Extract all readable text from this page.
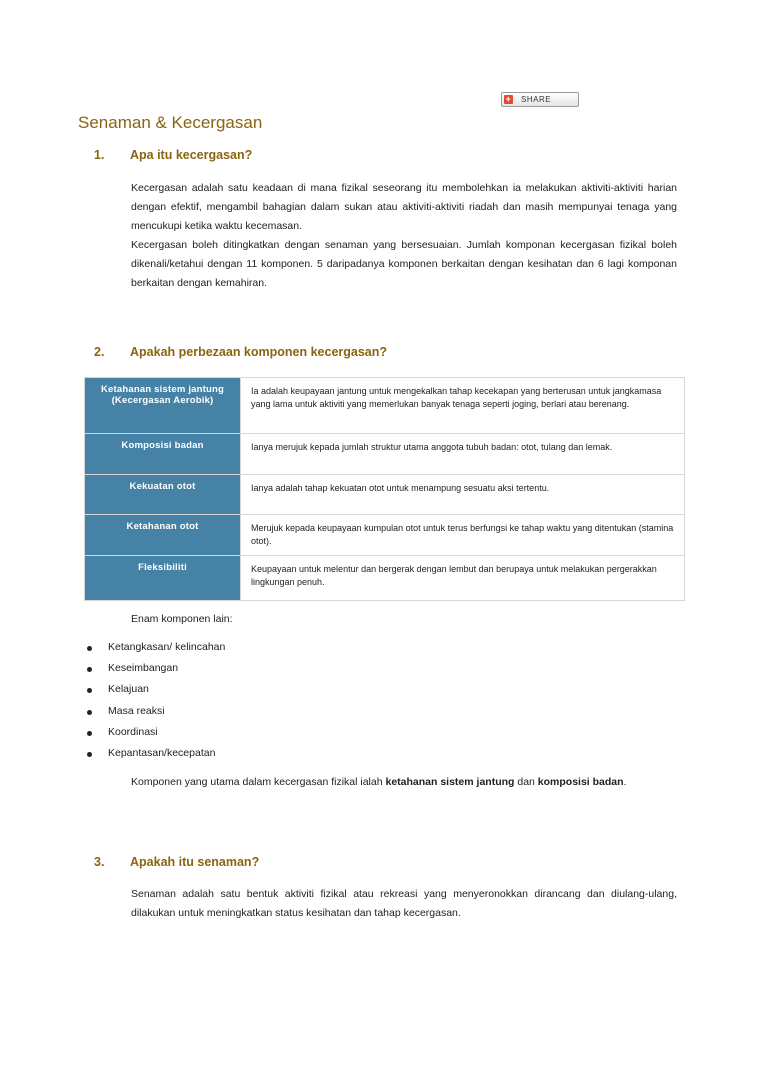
+ SHARE
Senaman & Kecergasan
1. Apa itu kecergasan?

Kecergasan adalah satu keadaan di mana fizikal seseorang itu membolehkan ia melakukan aktiviti-aktiviti harian dengan efektif, mengambil bahagian dalam sukan atau aktiviti-aktiviti riadah dan masih mempunyai tenaga yang mencukupi ketika waktu kecemasan.

Kecergasan boleh ditingkatkan dengan senaman yang bersesuaian. Jumlah komponan kecergasan fizikal boleh dikenali/ketahui dengan 11 komponen. 5 daripadanya komponen berkaitan dengan kesihatan dan 6 lagi komponan berkaitan dengan kemahiran.

2. Apakah perbezaan komponen kecergasan?
Ketahanan sistem jantung (Kecergasan Aerobik)	Ia adalah keupayaan jantung untuk mengekalkan tahap kecekapan yang berterusan untuk jangkamasa yang lama untuk aktiviti yang memerlukan banyak tenaga seperti joging, berlari atau berenang.
Komposisi badan	Ianya merujuk kepada jumlah struktur utama anggota tubuh badan: otot, tulang dan lemak.
Kekuatan otot	Ianya adalah tahap kekuatan otot untuk menampung sesuatu aksi tertentu.
Ketahanan otot	Merujuk kepada keupayaan kumpulan otot untuk terus berfungsi ke tahap waktu yang ditentukan (stamina otot).
Fleksibiliti	Keupayaan untuk melentur dan bergerak dengan lembut dan berupaya untuk melakukan pergerakkan lingkungan penuh.
Enam komponen lain:
Ketangkasan/ kelincahan
Keseimbangan
Kelajuan
Masa reaksi
Koordinasi
Kepantasan/kecepatan

Komponen yang utama dalam kecergasan fizikal ialah ketahanan sistem jantung dan komposisi badan.

3. Apakah itu senaman?

Senaman adalah satu bentuk aktiviti fizikal atau rekreasi yang menyeronokkan dirancang dan diulang-ulang, dilakukan untuk meningkatkan status kesihatan dan tahap kecergasan.
